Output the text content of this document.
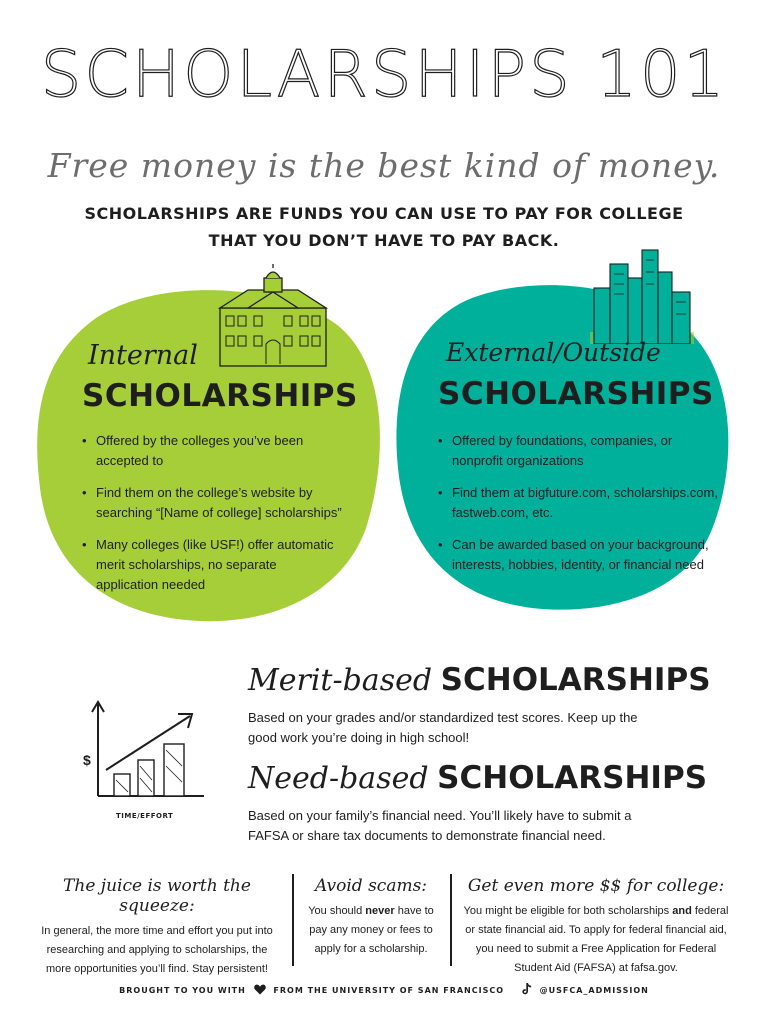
SCHOLARSHIPS 101
Free money is the best kind of money.
SCHOLARSHIPS ARE FUNDS YOU CAN USE TO PAY FOR COLLEGE
THAT YOU DON’T HAVE TO PAY BACK.
Internal
SCHOLARSHIPS
• Offered by the colleges you’ve been accepted to
• Find them on the college’s website by searching “[Name of college] scholarships”
• Many colleges (like USF!) offer automatic merit scholarships, no separate application needed
External/Outside
SCHOLARSHIPS
• Offered by foundations, companies, or nonprofit organizations
• Find them at bigfuture.com, scholarships.com, fastweb.com, etc.
• Can be awarded based on your background, interests, hobbies, identity, or financial need
$
TIME/EFFORT
Merit-based SCHOLARSHIPS
Based on your grades and/or standardized test scores. Keep up the good work you’re doing in high school!
Need-based SCHOLARSHIPS
Based on your family’s financial need. You’ll likely have to submit a FAFSA or share tax documents to demonstrate financial need.
The juice is worth the squeeze:
In general, the more time and effort you put into researching and applying to scholarships, the more opportunities you’ll find. Stay persistent!
Avoid scams:
You should never have to pay any money or fees to apply for a scholarship.
Get even more $$ for college:
You might be eligible for both scholarships and federal or state financial aid. To apply for federal financial aid, you need to submit a Free Application for Federal Student Aid (FAFSA) at fafsa.gov.
BROUGHT TO YOU WITH	FROM THE UNIVERSITY OF SAN FRANCISCO	@USFCA_ADMISSION
